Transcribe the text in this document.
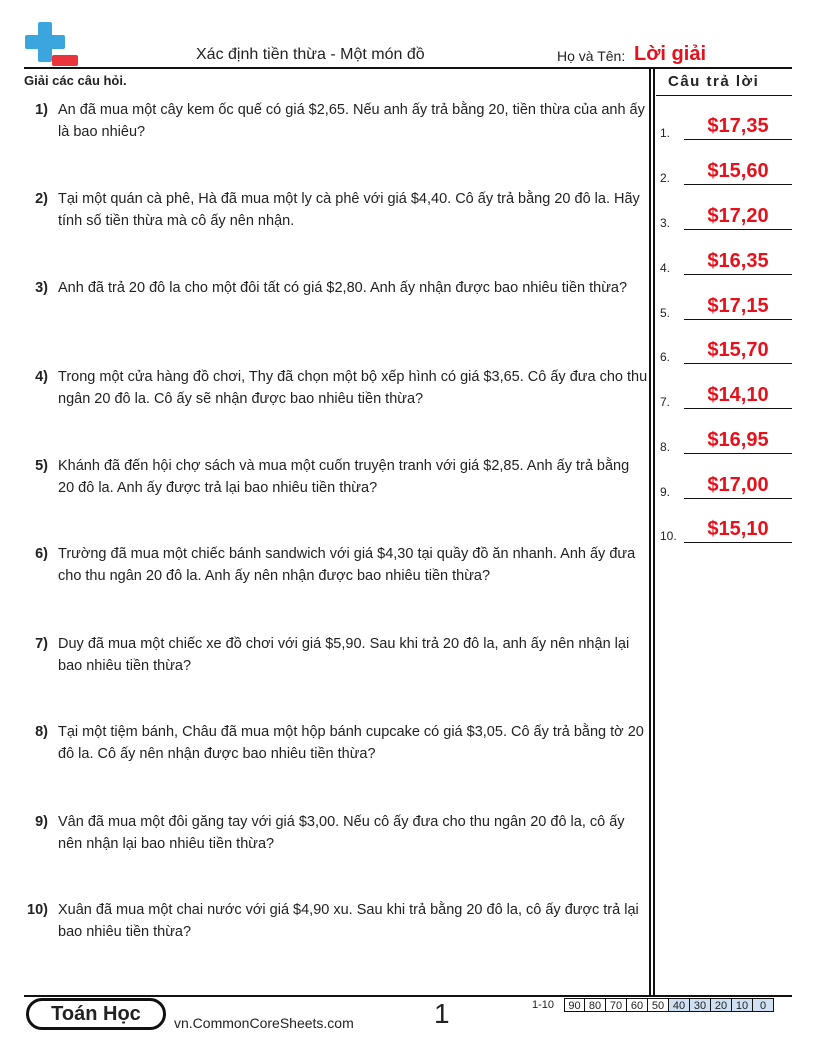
Xác định tiền thừa - Một món đồ	Họ và Tên: Lời giải
Giải các câu hỏi.	Câu trả lời
1) An đã mua một cây kem ốc quế có giá $2,65. Nếu anh ấy trả bằng 20, tiền thừa của anh ấy là bao nhiêu?
2) Tại một quán cà phê, Hà đã mua một ly cà phê với giá $4,40. Cô ấy trả bằng 20 đô la. Hãy tính số tiền thừa mà cô ấy nên nhận.
3) Anh đã trả 20 đô la cho một đôi tất có giá $2,80. Anh ấy nhận được bao nhiêu tiền thừa?
4) Trong một cửa hàng đồ chơi, Thy đã chọn một bộ xếp hình có giá $3,65. Cô ấy đưa cho thu ngân 20 đô la. Cô ấy sẽ nhận được bao nhiêu tiền thừa?
5) Khánh đã đến hội chợ sách và mua một cuốn truyện tranh với giá $2,85. Anh ấy trả bằng 20 đô la. Anh ấy được trả lại bao nhiêu tiền thừa?
6) Trường đã mua một chiếc bánh sandwich với giá $4,30 tại quầy đồ ăn nhanh. Anh ấy đưa cho thu ngân 20 đô la. Anh ấy nên nhận được bao nhiêu tiền thừa?
7) Duy đã mua một chiếc xe đồ chơi với giá $5,90. Sau khi trả 20 đô la, anh ấy nên nhận lại bao nhiêu tiền thừa?
8) Tại một tiệm bánh, Châu đã mua một hộp bánh cupcake có giá $3,05. Cô ấy trả bằng tờ 20 đô la. Cô ấy nên nhận được bao nhiêu tiền thừa?
9) Vân đã mua một đôi găng tay với giá $3,00. Nếu cô ấy đưa cho thu ngân 20 đô la, cô ấy nên nhận lại bao nhiêu tiền thừa?
10) Xuân đã mua một chai nước với giá $4,90 xu. Sau khi trả bằng 20 đô la, cô ấy được trả lại bao nhiêu tiền thừa?
1.	$17,35
2.	$15,60
3.	$17,20
4.	$16,35
5.	$17,15
6.	$15,70
7.	$14,10
8.	$16,95
9.	$17,00
10.	$15,10
Toán Học	vn.CommonCoreSheets.com	1	1-10	90 80 70 60 50 40 30 20 10	0
